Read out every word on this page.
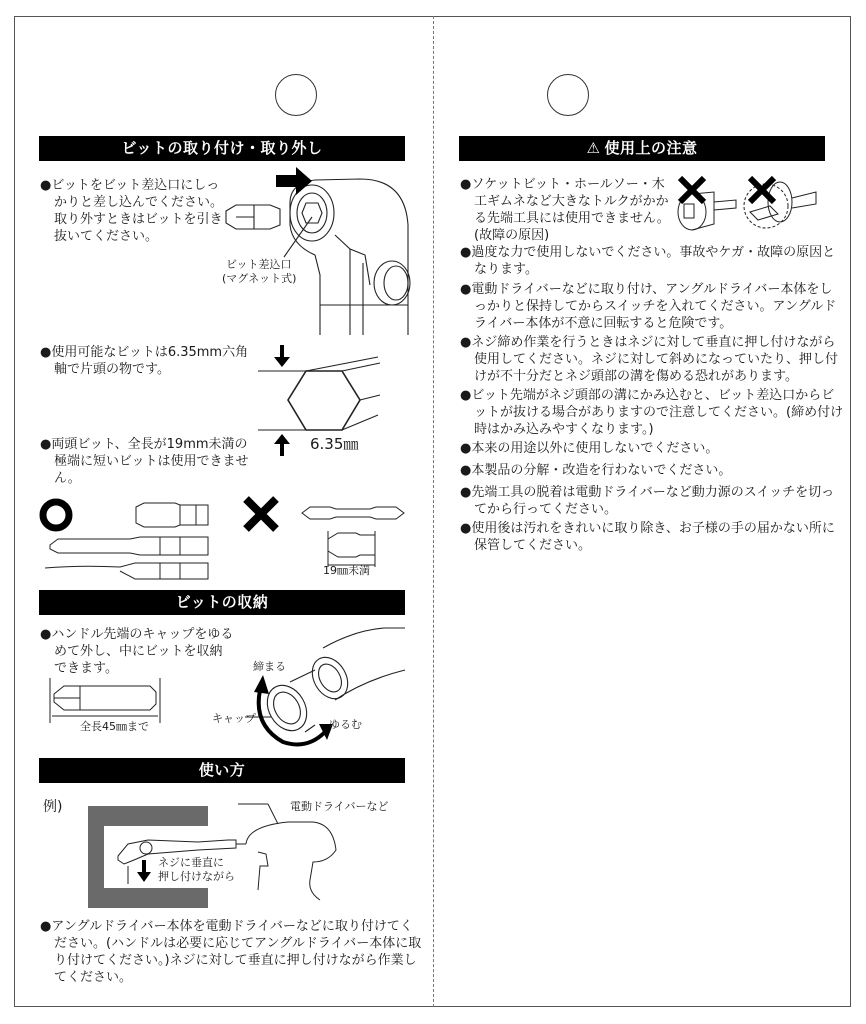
ビットの取り付け・取り外し
●ビットをビット差込口にしっかりと差し込んでください。取り外すときはビットを引き抜いてください。
ビット差込口
(マグネット式)
●使用可能なビットは6.35mm六角軸で片頭の物です。
6.35㎜
●両頭ビット、全長が19mm未満の極端に短いビットは使用できません。
19㎜未満
ビットの収納
●ハンドル先端のキャップをゆるめて外し、中にビットを収納できます。
全長45㎜まで
締まる
ゆるむ
キャップ
使い方
例)	電動ドライバーなど
ネジに垂直に
押し付けながら
●アングルドライバー本体を電動ドライバーなどに取り付けてください。(ハンドルは必要に応じてアングルドライバー本体に取り付けてください。)ネジに対して垂直に押し付けながら作業してください。
⚠ 使用上の注意
●ソケットビット・ホールソー・木工ギムネなど大きなトルクがかかる先端工具には使用できません。(故障の原因)
●過度な力で使用しないでください。事故やケガ・故障の原因となります。
●電動ドライバーなどに取り付け、アングルドライバー本体をしっかりと保持してからスイッチを入れてください。アングルドライバー本体が不意に回転すると危険です。
●ネジ締め作業を行うときはネジに対して垂直に押し付けながら使用してください。ネジに対して斜めになっていたり、押し付けが不十分だとネジ頭部の溝を傷める恐れがあります。
●ビット先端がネジ頭部の溝にかみ込むと、ビット差込口からビットが抜ける場合がありますので注意してください。(締め付け時はかみ込みやすくなります。)
●本来の用途以外に使用しないでください。
●本製品の分解・改造を行わないでください。
●先端工具の脱着は電動ドライバーなど動力源のスイッチを切ってから行ってください。
●使用後は汚れをきれいに取り除き、お子様の手の届かない所に保管してください。
